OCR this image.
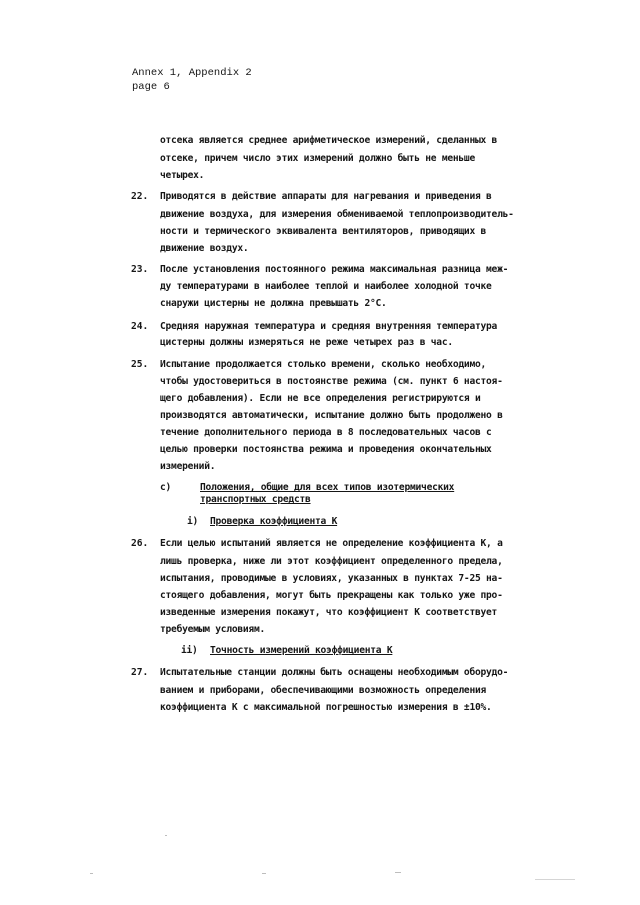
Annex 1, Appendix 2
page 6
отсека является среднее арифметическое измерений, сделанных в
отсеке, причем число этих измерений должно быть не меньше
четырех.
22. Приводятся в действие аппараты для нагревания и приведения в
движение воздуха, для измерения обмениваемой теплопроизводитель-
ности и термического эквивалента вентиляторов, приводящих в
движение воздух.
23. После установления постоянного режима максимальная разница меж-
ду температурами в наиболее теплой и наиболее холодной точке
снаружи цистерны не должна превышать 2°C.
24. Средняя наружная температура и средняя внутренняя температура
цистерны должны измеряться не реже четырех раз в час.
25. Испытание продолжается столько времени, сколько необходимо,
чтобы удостовериться в постоянстве режима (см. пункт 6 настоя-
щего добавления). Если не все определения регистрируются и
производятся автоматически, испытание должно быть продолжено в
течение дополнительного периода в 8 последовательных часов с
целью проверки постоянства режима и проведения окончательных
измерений.
c)	Положения, общие для всех типов изотермических
транспортных средств
i) Проверка коэффициента К
26. Если целью испытаний является не определение коэффициента К, а
лишь проверка, ниже ли этот коэффициент определенного предела,
испытания, проводимые в условиях, указанных в пунктах 7-25 на-
стоящего добавления, могут быть прекращены как только уже про-
изведенные измерения покажут, что коэффициент К соответствует
требуемым условиям.
ii) Точность измерений коэффициента К
27. Испытательные станции должны быть оснащены необходимым оборудо-
ванием и приборами, обеспечивающими возможность определения
коэффициента К с максимальной погрешностью измерения в ±10%.
